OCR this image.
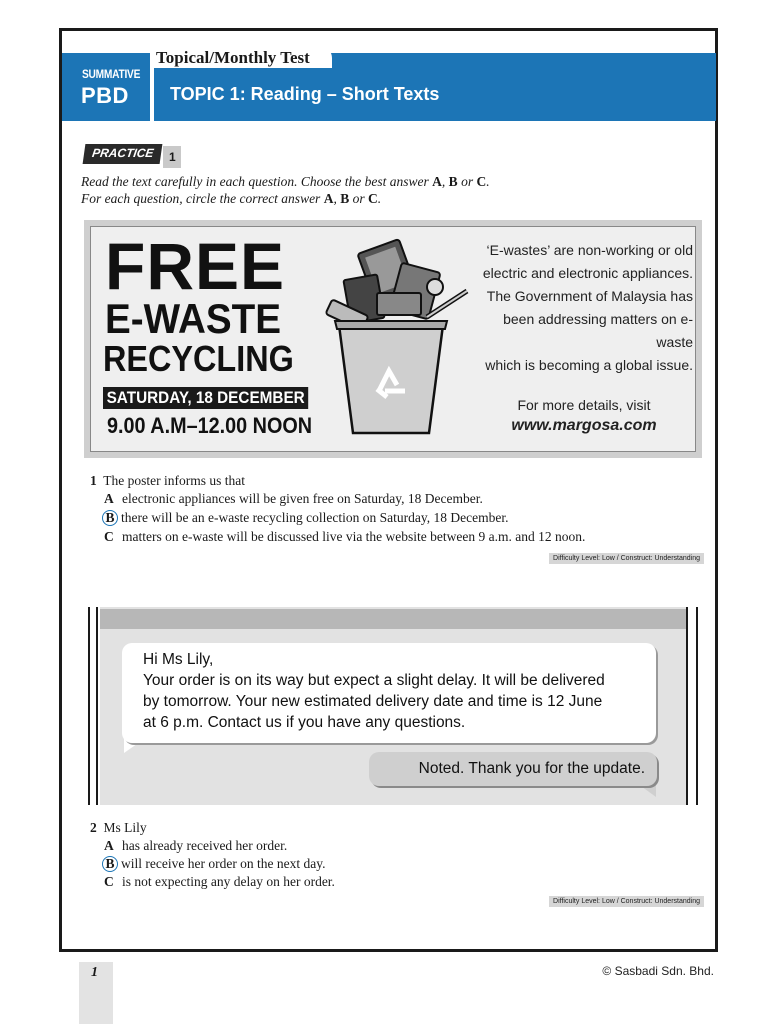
SUMMATIVE
PBD
Topical/Monthly Test
TOPIC 1: Reading – Short Texts
PRACTICE	1
Read the text carefully in each question. Choose the best answer A, B or C.
For each question, circle the correct answer A, B or C.
FREE
E-WASTE
RECYCLING
SATURDAY, 18 DECEMBER
9.00 A.M–12.00 NOON
‘E-wastes’ are non-working or old
electric and electronic appliances.
The Government of Malaysia has
been addressing matters on e-waste
which is becoming a global issue.
For more details, visit
www.margosa.com
1 The poster informs us that
A electronic appliances will be given free on Saturday, 18 December.
B there will be an e-waste recycling collection on Saturday, 18 December.
C matters on e-waste will be discussed live via the website between 9 a.m. and 12 noon.
Difficulty Level: Low / Construct: Understanding
Hi Ms Lily,
Your order is on its way but expect a slight delay. It will be delivered
by tomorrow. Your new estimated delivery date and time is 12 June
at 6 p.m. Contact us if you have any questions.
Noted. Thank you for the update.
2 Ms Lily
A has already received her order.
B will receive her order on the next day.
C is not expecting any delay on her order.
Difficulty Level: Low / Construct: Understanding
1	© Sasbadi Sdn. Bhd.
